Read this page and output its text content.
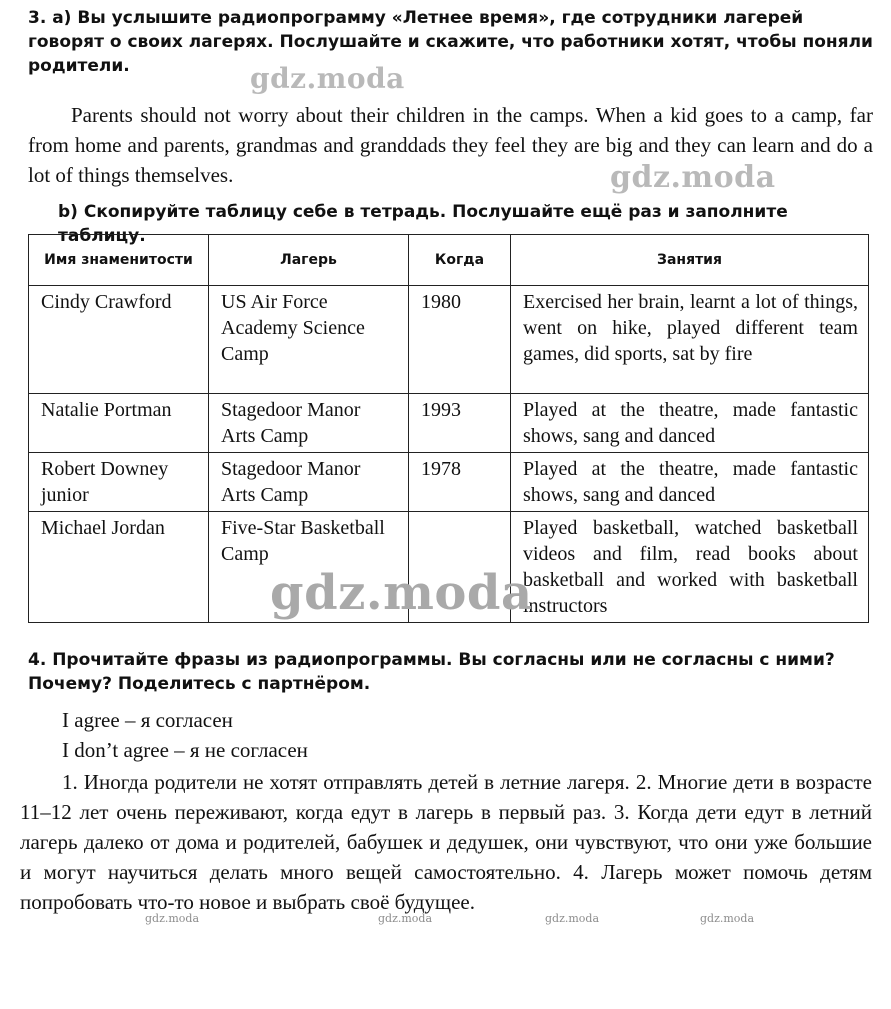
3. а) Вы услышите радиопрограмму «Летнее время», где сотрудники лагерей говорят о своих лагерях. Послушайте и скажите, что работники хотят, чтобы поняли родители.
Parents should not worry about their children in the camps. When a kid goes to a camp, far from home and parents, grandmas and granddads they feel they are big and they can learn and do a lot of things themselves.
b) Скопируйте таблицу себе в тетрадь. Послушайте ещё раз и заполните таблицу.
Имя знаменитости	Лагерь	Когда	Занятия
Cindy Crawford	US Air Force Academy Science Camp	1980	Exercised her brain, learnt a lot of things, went on hike, played different team games, did sports, sat by fire
Natalie Portman	Stagedoor Manor Arts Camp	1993	Played at the theatre, made fantastic shows, sang and danced
Robert Downey junior	Stagedoor Manor Arts Camp	1978	Played at the theatre, made fantastic shows, sang and danced
Michael Jordan	Five-Star Basketball Camp		Played basketball, watched basketball videos and film, read books about basketball and worked with basketball instructors
4. Прочитайте фразы из радиопрограммы. Вы согласны или не согласны с ними? Почему? Поделитесь с партнёром.
I agree – я согласен
I don’t agree – я не согласен
1. Иногда родители не хотят отправлять детей в летние лагеря. 2. Многие дети в возрасте 11–12 лет очень переживают, когда едут в лагерь в первый раз. 3. Когда дети едут в летний лагерь далеко от дома и родителей, бабушек и дедушек, они чувствуют, что они уже большие и могут научиться делать много вещей самостоятельно. 4. Лагерь может помочь детям попробовать что-то новое и выбрать своё будущее.
gdz.moda
gdz.moda
gdz.moda
gdz.moda	gdz.moda	gdz.moda	gdz.moda
